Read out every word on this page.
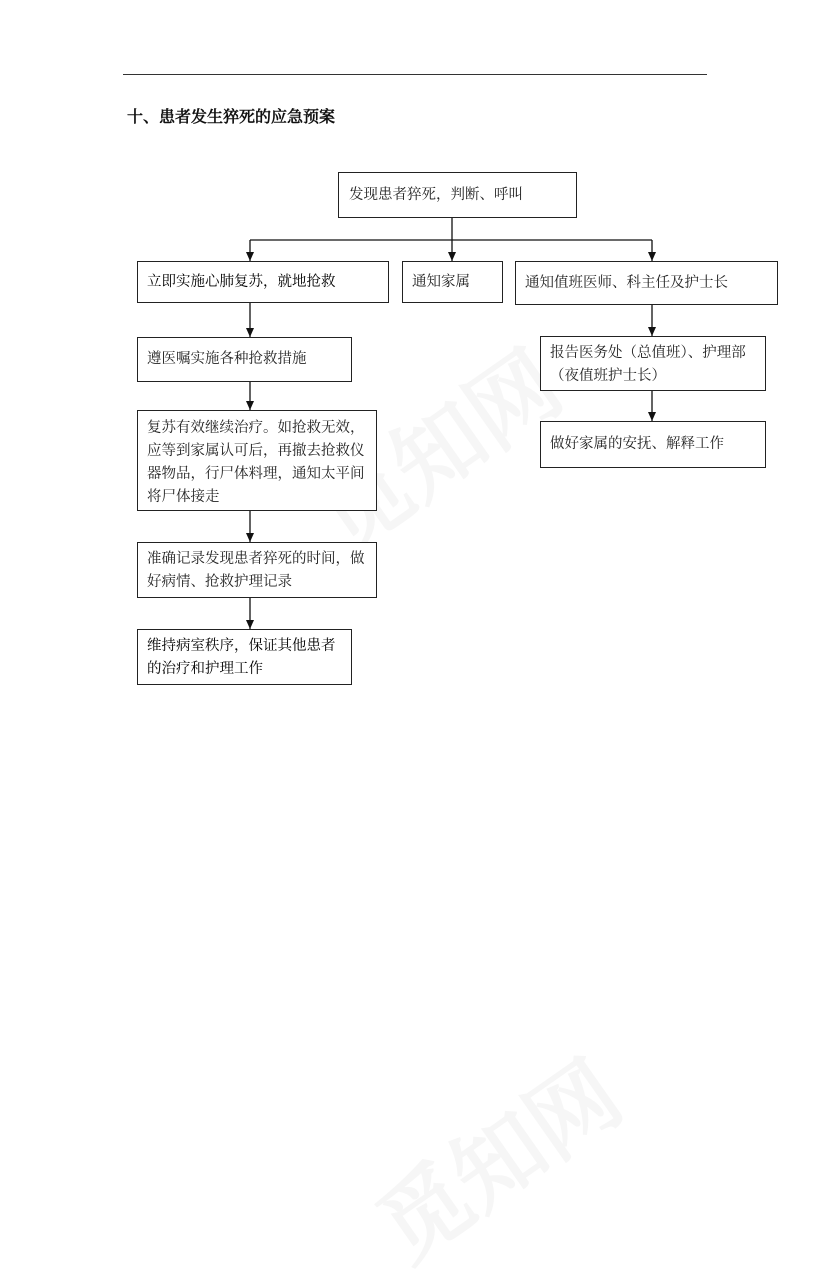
十、患者发生猝死的应急预案
发现患者猝死，判断、呼叫
立即实施心肺复苏，就地抢救	通知家属	通知值班医师、科主任及护士长
遵医嘱实施各种抢救措施
复苏有效继续治疗。如抢救无效，应等到家属认可后，再撤去抢救仪器物品，行尸体料理，通知太平间将尸体接走
准确记录发现患者猝死的时间，做好病情、抢救护理记录
维持病室秩序，保证其他患者的治疗和护理工作
报告医务处（总值班）、护理部（夜值班护士长）
做好家属的安抚、解释工作
